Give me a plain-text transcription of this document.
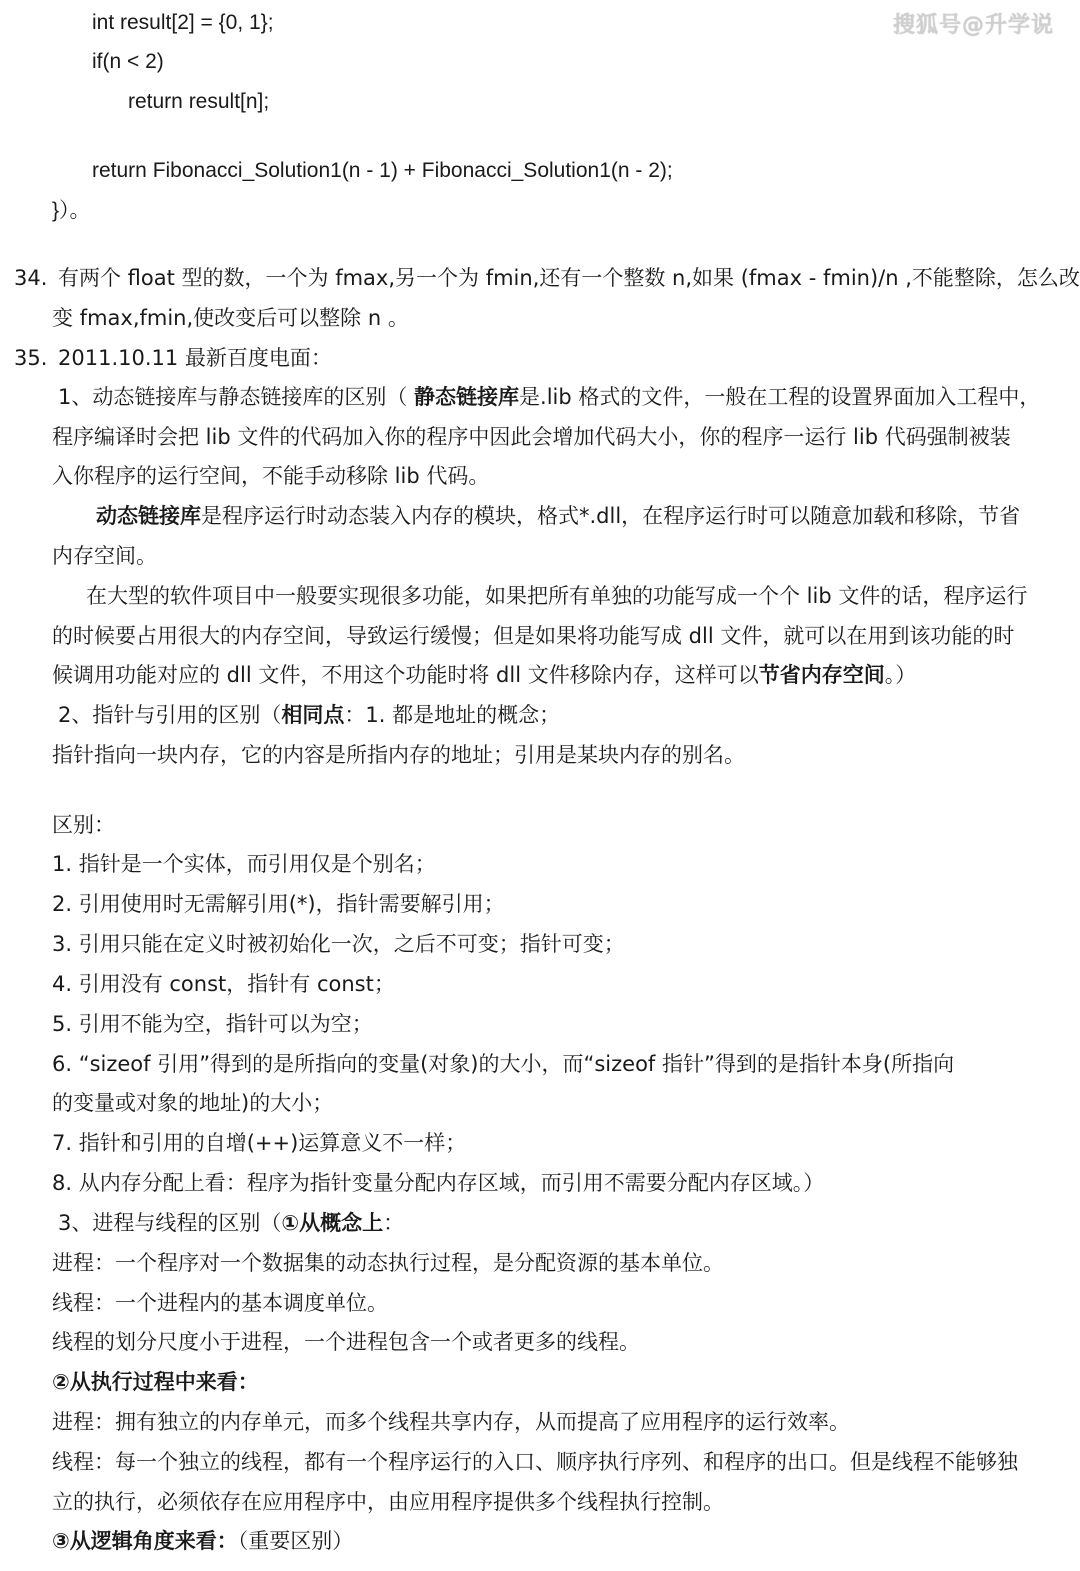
搜狐号@升学说
int result[2] = {0, 1};
if(n < 2)
return result[n];
return Fibonacci_Solution1(n - 1) + Fibonacci_Solution1(n - 2);
}）。
34. 有两个 float 型的数，一个为 fmax,另一个为 fmin,还有一个整数 n,如果 (fmax - fmin)/n ,不能整除，怎么改
变 fmax,fmin,使改变后可以整除 n 。
35. 2011.10.11 最新百度电面：
1、动态链接库与静态链接库的区别（ 静态链接库是.lib 格式的文件，一般在工程的设置界面加入工程中，
程序编译时会把 lib 文件的代码加入你的程序中因此会增加代码大小，你的程序一运行 lib 代码强制被装
入你程序的运行空间，不能手动移除 lib 代码。
动态链接库是程序运行时动态装入内存的模块，格式*.dll，在程序运行时可以随意加载和移除，节省
内存空间。
在大型的软件项目中一般要实现很多功能，如果把所有单独的功能写成一个个 lib 文件的话，程序运行
的时候要占用很大的内存空间，导致运行缓慢；但是如果将功能写成 dll 文件，就可以在用到该功能的时
候调用功能对应的 dll 文件，不用这个功能时将 dll 文件移除内存，这样可以节省内存空间。）
2、指针与引用的区别（相同点：1. 都是地址的概念；
指针指向一块内存，它的内容是所指内存的地址；引用是某块内存的别名。
区别：
1. 指针是一个实体，而引用仅是个别名；
2. 引用使用时无需解引用(*)，指针需要解引用；
3. 引用只能在定义时被初始化一次，之后不可变；指针可变；
4. 引用没有 const，指针有 const；
5. 引用不能为空，指针可以为空；
6. “sizeof 引用”得到的是所指向的变量(对象)的大小，而“sizeof 指针”得到的是指针本身(所指向
的变量或对象的地址)的大小；
7. 指针和引用的自增(++)运算意义不一样；
8. 从内存分配上看：程序为指针变量分配内存区域，而引用不需要分配内存区域。）
3、进程与线程的区别（①从概念上：
进程：一个程序对一个数据集的动态执行过程，是分配资源的基本单位。
线程：一个进程内的基本调度单位。
线程的划分尺度小于进程，一个进程包含一个或者更多的线程。
②从执行过程中来看：
进程：拥有独立的内存单元，而多个线程共享内存，从而提高了应用程序的运行效率。
线程：每一个独立的线程，都有一个程序运行的入口、顺序执行序列、和程序的出口。但是线程不能够独
立的执行，必须依存在应用程序中，由应用程序提供多个线程执行控制。
③从逻辑角度来看：（重要区别）
